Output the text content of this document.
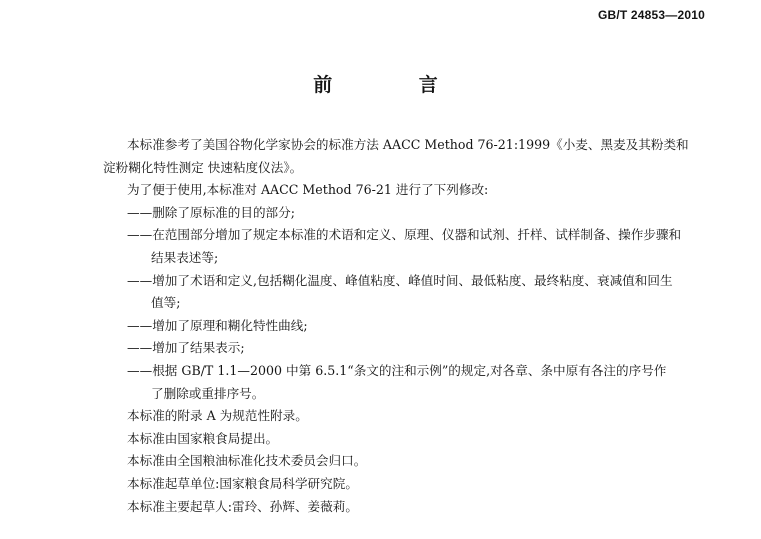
GB/T 24853—2010
前 言

本标准参考了美国谷物化学家协会的标准方法 AACC Method 76-21:1999《小麦、黑麦及其粉类和

淀粉糊化特性测定 快速粘度仪法》。

为了便于使用,本标准对 AACC Method 76-21 进行了下列修改:

——删除了原标准的目的部分;

——在范围部分增加了规定本标准的术语和定义、原理、仪器和试剂、扦样、试样制备、操作步骤和

结果表述等;

——增加了术语和定义,包括糊化温度、峰值粘度、峰值时间、最低粘度、最终粘度、衰减值和回生

值等;

——增加了原理和糊化特性曲线;

——增加了结果表示;

——根据 GB/T 1.1—2000 中第 6.5.1“条文的注和示例”的规定,对各章、条中原有各注的序号作

了删除或重排序号。

本标准的附录 A 为规范性附录。

本标准由国家粮食局提出。

本标准由全国粮油标准化技术委员会归口。

本标准起草单位:国家粮食局科学研究院。

本标准主要起草人:雷玲、孙辉、姜薇莉。
